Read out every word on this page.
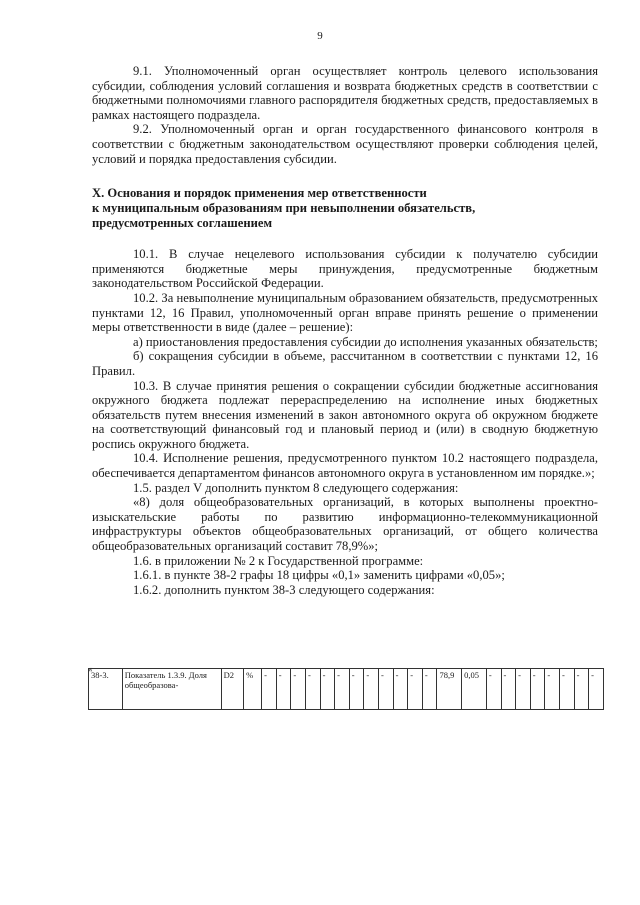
9

9.1. Уполномоченный орган осуществляет контроль целевого использования субсидии, соблюдения условий соглашения и возврата бюджетных средств в соответствии с бюджетными полномочиями главного распорядителя бюджетных средств, предоставляемых в рамках настоящего подраздела.

9.2. Уполномоченный орган и орган государственного финансового контроля в соответствии с бюджетным законодательством осуществляют проверки соблюдения целей, условий и порядка предоставления субсидии.

X. Основания и порядок применения мер ответственности
к муниципальным образованиям при невыполнении обязательств,
предусмотренных соглашением

10.1. В случае нецелевого использования субсидии к получателю субсидии применяются бюджетные меры принуждения, предусмотренные бюджетным законодательством Российской Федерации.

10.2. За невыполнение муниципальным образованием обязательств, предусмотренных пунктами 12, 16 Правил, уполномоченный орган вправе принять решение о применении меры ответственности в виде (далее – решение):

а) приостановления предоставления субсидии до исполнения указанных обязательств;

б) сокращения субсидии в объеме, рассчитанном в соответствии с пунктами 12, 16 Правил.

10.3. В случае принятия решения о сокращении субсидии бюджетные ассигнования окружного бюджета подлежат перераспределению на исполнение иных бюджетных обязательств путем внесения изменений в закон автономного округа об окружном бюджете на соответствующий финансовый год и плановый период и (или) в сводную бюджетную роспись окружного бюджета.

10.4. Исполнение решения, предусмотренного пунктом 10.2 настоящего подраздела, обеспечивается департаментом финансов автономного округа в установленном им порядке.»;

1.5. раздел V дополнить пунктом 8 следующего содержания:

«8) доля общеобразовательных организаций, в которых выполнены проектно-изыскательские работы по развитию информационно-телекоммуникационной инфраструктуры объектов общеобразовательных организаций, от общего количества общеобразовательных организаций составит 78,9%»;

1.6. в приложении № 2 к Государственной программе:

1.6.1. в пункте 38-2 графы 18 цифры «0,1» заменить цифрами «0,05»;

1.6.2. дополнить пунктом 38-3 следующего содержания:

«
38-3.	Показатель 1.3.9. Доля общеобразова-	D2	%	-	-	-	-	-	-	-	-	-	-	-	-	78,9	0,05	-	-	-	-	-	-	-	-
